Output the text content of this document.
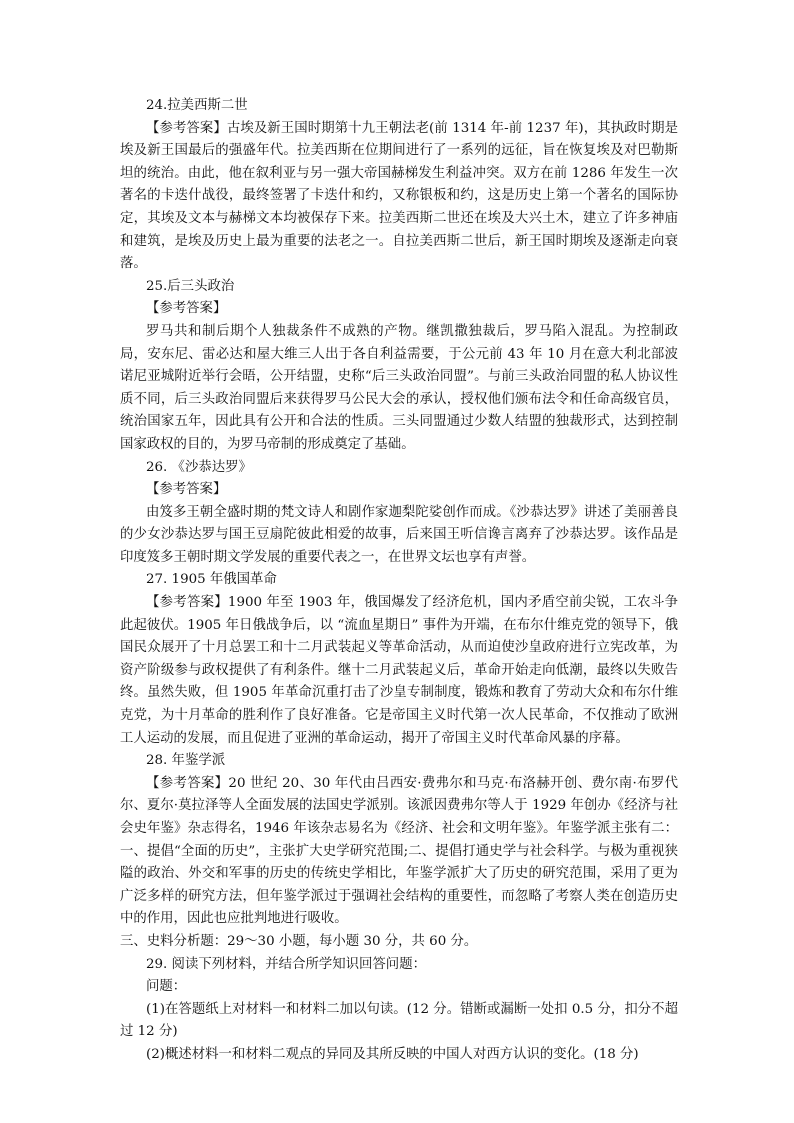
24.拉美西斯二世

【参考答案】古埃及新王国时期第十九王朝法老(前 1314 年-前 1237 年)，其执政时期是埃及新王国最后的强盛年代。拉美西斯在位期间进行了一系列的远征，旨在恢复埃及对巴勒斯坦的统治。由此，他在叙利亚与另一强大帝国赫梯发生利益冲突。双方在前 1286 年发生一次著名的卡迭什战役，最终签署了卡迭什和约，又称银板和约，这是历史上第一个著名的国际协定，其埃及文本与赫梯文本均被保存下来。拉美西斯二世还在埃及大兴土木，建立了许多神庙和建筑，是埃及历史上最为重要的法老之一。自拉美西斯二世后，新王国时期埃及逐渐走向衰落。

25.后三头政治

【参考答案】

罗马共和制后期个人独裁条件不成熟的产物。继凯撒独裁后，罗马陷入混乱。为控制政局，安东尼、雷必达和屋大维三人出于各自利益需要，于公元前 43 年 10 月在意大利北部波诺尼亚城附近举行会晤，公开结盟，史称“后三头政治同盟”。与前三头政治同盟的私人协议性质不同，后三头政治同盟后来获得罗马公民大会的承认，授权他们颁布法令和任命高级官员，统治国家五年，因此具有公开和合法的性质。三头同盟通过少数人结盟的独裁形式，达到控制国家政权的目的，为罗马帝制的形成奠定了基础。

26. 《沙恭达罗》

【参考答案】

由笈多王朝全盛时期的梵文诗人和剧作家迦梨陀娑创作而成。《沙恭达罗》讲述了美丽善良的少女沙恭达罗与国王豆扇陀彼此相爱的故事，后来国王听信谗言离弃了沙恭达罗。该作品是印度笈多王朝时期文学发展的重要代表之一，在世界文坛也享有声誉。

27. 1905 年俄国革命

【参考答案】1900 年至 1903 年，俄国爆发了经济危机，国内矛盾空前尖锐，工农斗争此起彼伏。1905 年日俄战争后，以 “流血星期日” 事件为开端，在布尔什维克党的领导下，俄国民众展开了十月总罢工和十二月武装起义等革命活动，从而迫使沙皇政府进行立宪改革，为资产阶级参与政权提供了有利条件。继十二月武装起义后，革命开始走向低潮，最终以失败告终。虽然失败，但 1905 年革命沉重打击了沙皇专制制度，锻炼和教育了劳动大众和布尔什维克党，为十月革命的胜利作了良好准备。它是帝国主义时代第一次人民革命，不仅推动了欧洲工人运动的发展，而且促进了亚洲的革命运动，揭开了帝国主义时代革命风暴的序幕。

28. 年鉴学派

【参考答案】20 世纪 20、30 年代由吕西安·费弗尔和马克·布洛赫开创、费尔南·布罗代尔、夏尔·莫拉泽等人全面发展的法国史学派别。该派因费弗尔等人于 1929 年创办《经济与社会史年鉴》杂志得名，1946 年该杂志易名为《经济、社会和文明年鉴》。年鉴学派主张有二：一、提倡“全面的历史”，主张扩大史学研究范围;二、提倡打通史学与社会科学。与极为重视狭隘的政治、外交和军事的历史的传统史学相比，年鉴学派扩大了历史的研究范围，采用了更为广泛多样的研究方法，但年鉴学派过于强调社会结构的重要性，而忽略了考察人类在创造历史中的作用，因此也应批判地进行吸收。

三、史料分析题：29～30 小题，每小题 30 分，共 60 分。

29. 阅读下列材料，并结合所学知识回答问题：

问题：

(1)在答题纸上对材料一和材料二加以句读。(12 分。错断或漏断一处扣 0.5 分，扣分不超过 12 分)

(2)概述材料一和材料二观点的异同及其所反映的中国人对西方认识的变化。(18 分)
